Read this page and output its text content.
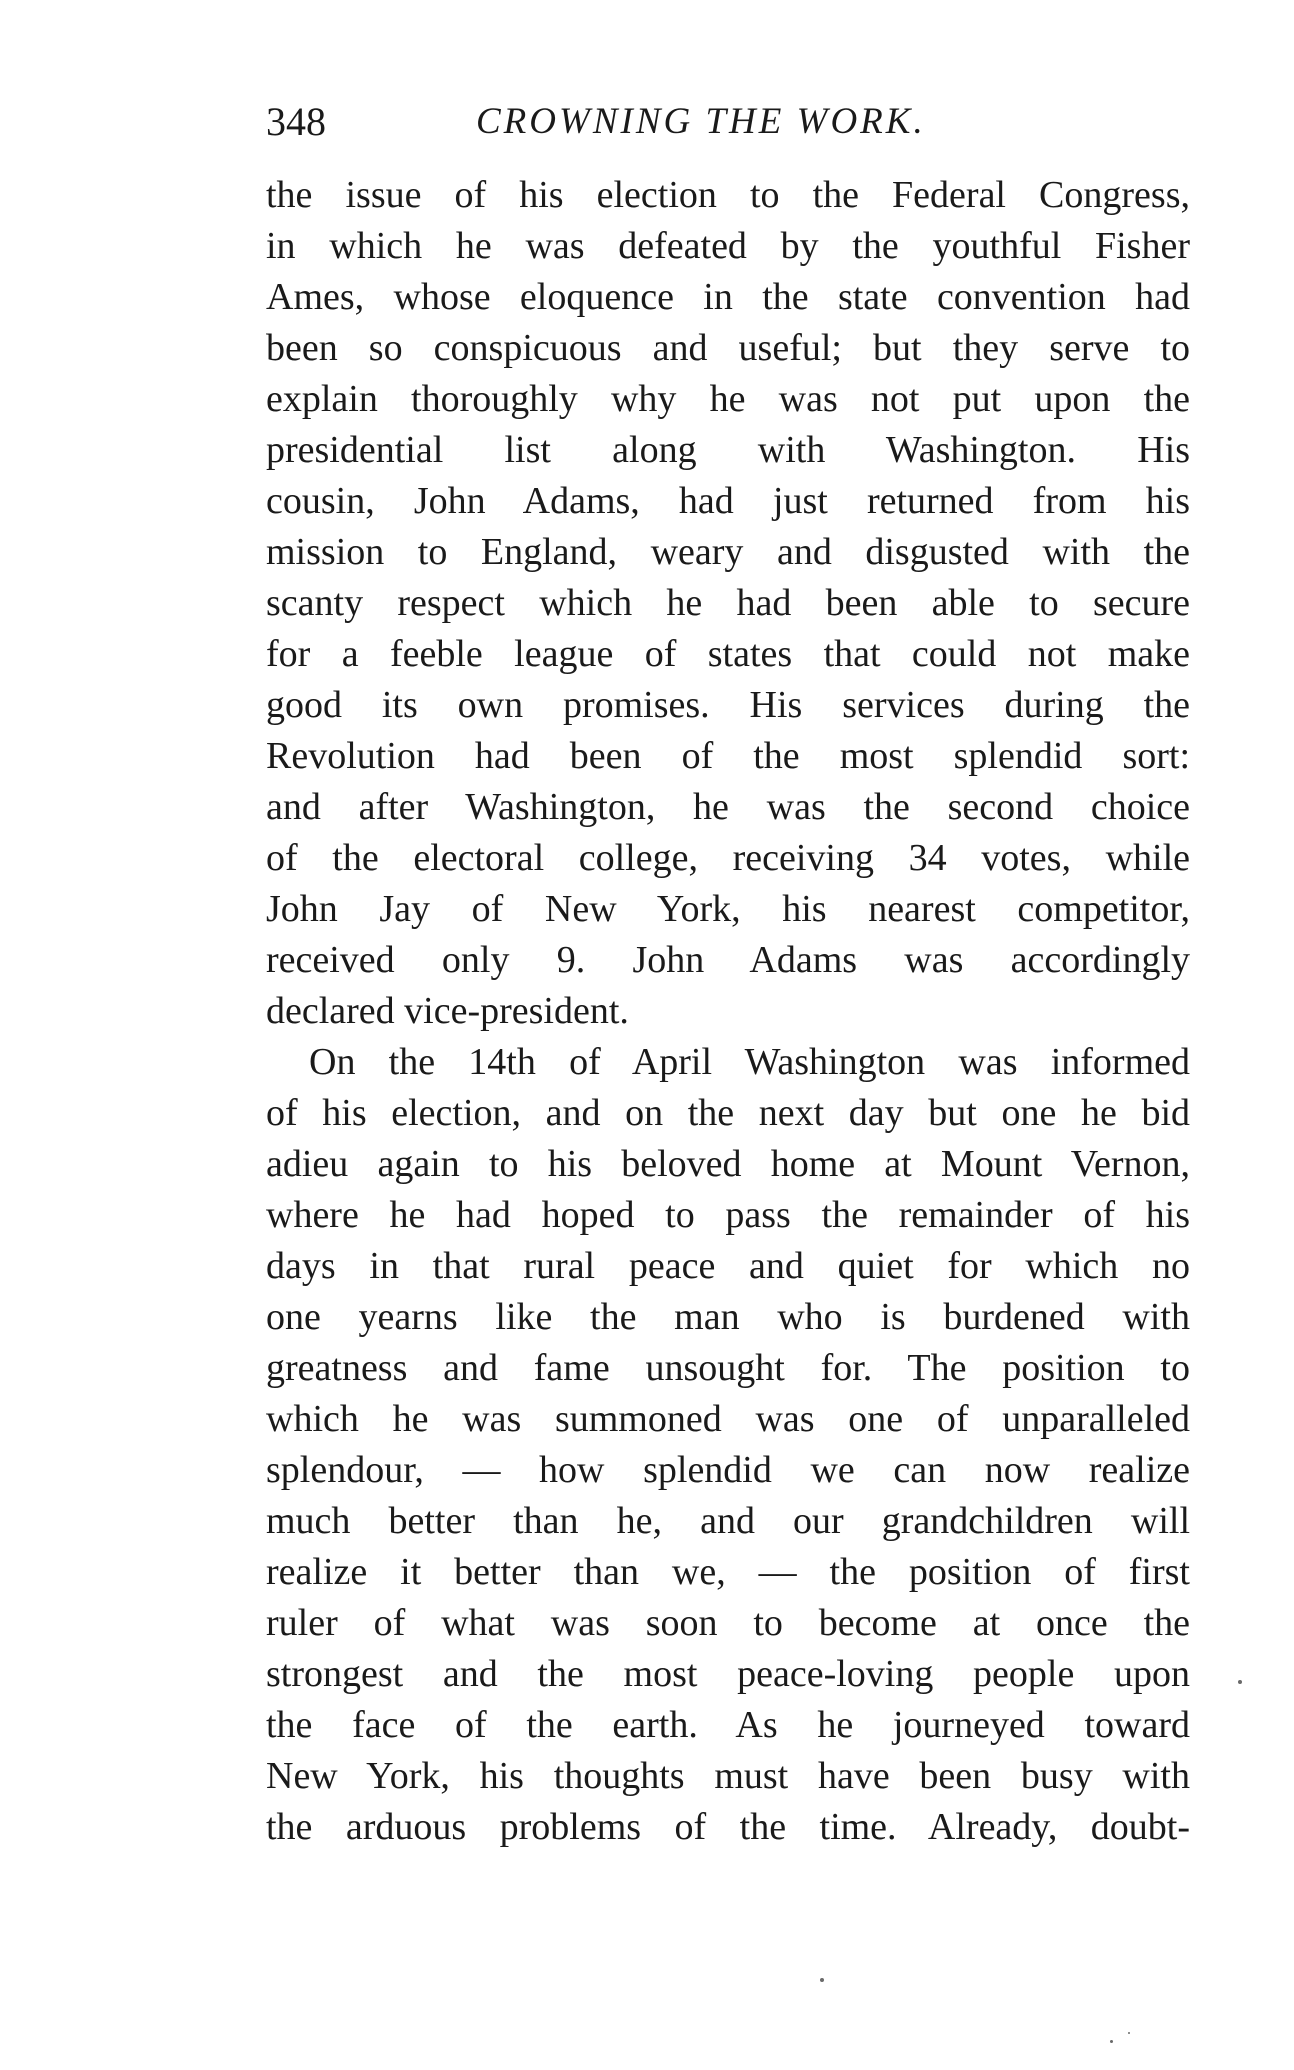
348	CROWNING THE WORK.
the issue of his election to the Federal Congress,
in which he was defeated by the youthful Fisher
Ames, whose eloquence in the state convention had
been so conspicuous and useful; but they serve to
explain thoroughly why he was not put upon the
presidential list along with Washington. His
cousin, John Adams, had just returned from his
mission to England, weary and disgusted with the
scanty respect which he had been able to secure
for a feeble league of states that could not make
good its own promises. His services during the
Revolution had been of the most splendid sort:
and after Washington, he was the second choice
of the electoral college, receiving 34 votes, while
John Jay of New York, his nearest competitor,
received only 9. John Adams was accordingly
declared vice-president.
On the 14th of April Washington was informed
of his election, and on the next day but one he bid
adieu again to his beloved home at Mount Vernon,
where he had hoped to pass the remainder of his
days in that rural peace and quiet for which no
one yearns like the man who is burdened with
greatness and fame unsought for. The position to
which he was summoned was one of unparalleled
splendour, — how splendid we can now realize
much better than he, and our grandchildren will
realize it better than we, — the position of first
ruler of what was soon to become at once the
strongest and the most peace-loving people upon
the face of the earth. As he journeyed toward
New York, his thoughts must have been busy with
the arduous problems of the time. Already, doubt-
